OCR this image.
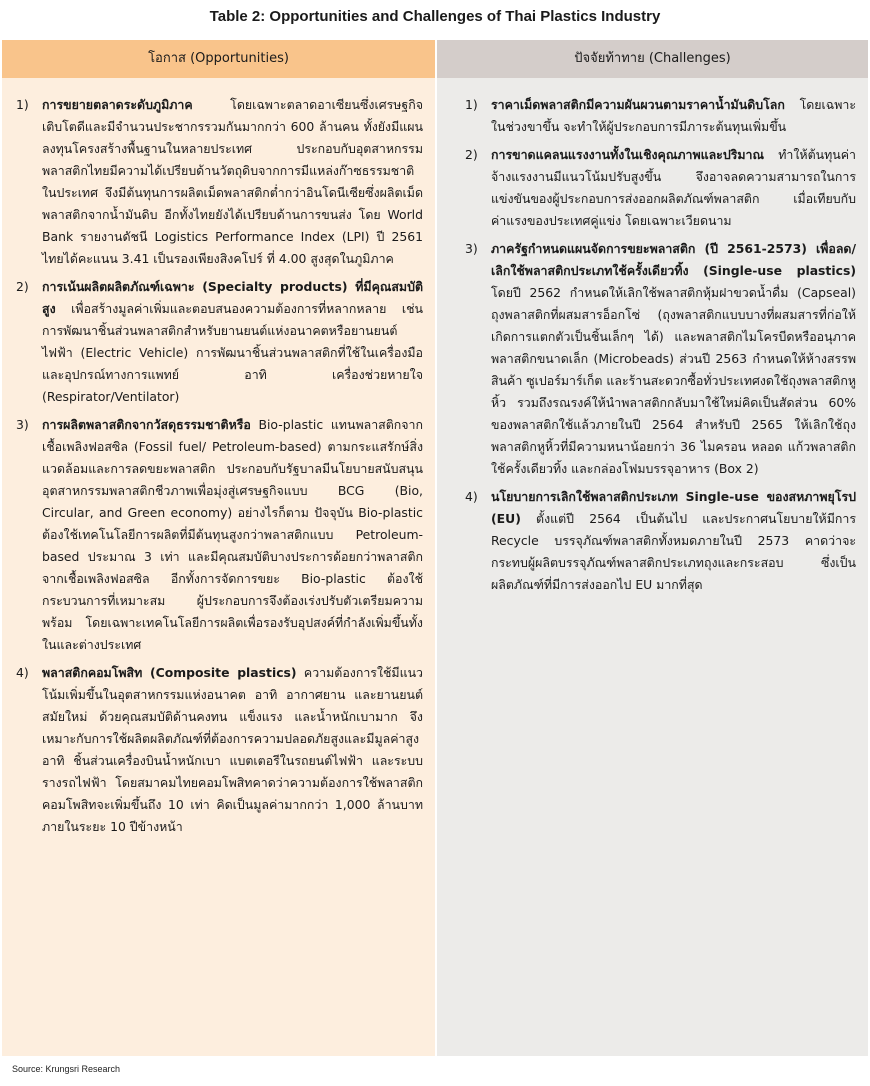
Table 2: Opportunities and Challenges of Thai Plastics Industry
โอกาส (Opportunities)
1) การขยายตลาดระดับภูมิภาค โดยเฉพาะตลาดอาเซียนซึ่งเศรษฐกิจเติบโตดีและมีจำนวนประชากรรวมกันมากกว่า 600 ล้านคน ทั้งยังมีแผนลงทุนโครงสร้างพื้นฐานในหลายประเทศ ประกอบกับอุตสาหกรรมพลาสติกไทยมีความได้เปรียบด้านวัตถุดิบจากการมีแหล่งก๊าซธรรมชาติในประเทศ จึงมีต้นทุนการผลิตเม็ดพลาสติกต่ำกว่าอินโดนีเซียซึ่งผลิตเม็ดพลาสติกจากน้ำมันดิบ อีกทั้งไทยยังได้เปรียบด้านการขนส่ง โดย World Bank รายงานดัชนี Logistics Performance Index (LPI) ปี 2561 ไทยได้คะแนน 3.41 เป็นรองเพียงสิงคโปร์ ที่ 4.00 สูงสุดในภูมิภาค
2) การเน้นผลิตผลิตภัณฑ์เฉพาะ (Specialty products) ที่มีคุณสมบัติสูง เพื่อสร้างมูลค่าเพิ่มและตอบสนองความต้องการที่หลากหลาย เช่น การพัฒนาชิ้นส่วนพลาสติกสำหรับยานยนต์แห่งอนาคตหรือยานยนต์ไฟฟ้า (Electric Vehicle) การพัฒนาชิ้นส่วนพลาสติกที่ใช้ในเครื่องมือและอุปกรณ์ทางการแพทย์ อาทิ เครื่องช่วยหายใจ (Respirator/Ventilator)
3) การผลิตพลาสติกจากวัสดุธรรมชาติหรือ Bio-plastic แทนพลาสติกจากเชื้อเพลิงฟอสซิล (Fossil fuel/ Petroleum-based) ตามกระแสรักษ์สิ่งแวดล้อมและการลดขยะพลาสติก ประกอบกับรัฐบาลมีนโยบายสนับสนุนอุตสาหกรรมพลาสติกชีวภาพเพื่อมุ่งสู่เศรษฐกิจแบบ BCG (Bio, Circular, and Green economy) อย่างไรก็ตาม ปัจจุบัน Bio-plastic ต้องใช้เทคโนโลยีการผลิตที่มีต้นทุนสูงกว่าพลาสติกแบบ Petroleum-based ประมาณ 3 เท่า และมีคุณสมบัติบางประการด้อยกว่าพลาสติกจากเชื้อเพลิงฟอสซิล อีกทั้งการจัดการขยะ Bio-plastic ต้องใช้กระบวนการที่เหมาะสม ผู้ประกอบการจึงต้องเร่งปรับตัวเตรียมความพร้อม โดยเฉพาะเทคโนโลยีการผลิตเพื่อรองรับอุปสงค์ที่กำลังเพิ่มขึ้นทั้งในและต่างประเทศ
4) พลาสติกคอมโพสิท (Composite plastics) ความต้องการใช้มีแนวโน้มเพิ่มขึ้นในอุตสาหกรรมแห่งอนาคต อาทิ อากาศยาน และยานยนต์สมัยใหม่ ด้วยคุณสมบัติด้านคงทน แข็งแรง และน้ำหนักเบามาก จึงเหมาะกับการใช้ผลิตผลิตภัณฑ์ที่ต้องการความปลอดภัยสูงและมีมูลค่าสูง อาทิ ชิ้นส่วนเครื่องบินน้ำหนักเบา แบตเตอรีในรถยนต์ไฟฟ้า และระบบรางรถไฟฟ้า โดยสมาคมไทยคอมโพสิทคาดว่าความต้องการใช้พลาสติกคอมโพสิทจะเพิ่มขึ้นถึง 10 เท่า คิดเป็นมูลค่ามากกว่า 1,000 ล้านบาทภายในระยะ 10 ปีข้างหน้า
ปัจจัยท้าทาย (Challenges)
1) ราคาเม็ดพลาสติกมีความผันผวนตามราคาน้ำมันดิบโลก โดยเฉพาะในช่วงขาขึ้น จะทำให้ผู้ประกอบการมีภาระต้นทุนเพิ่มขึ้น
2) การขาดแคลนแรงงานทั้งในเชิงคุณภาพและปริมาณ ทำให้ต้นทุนค่าจ้างแรงงานมีแนวโน้มปรับสูงขึ้น จึงอาจลดความสามารถในการแข่งขันของผู้ประกอบการส่งออกผลิตภัณฑ์พลาสติก เมื่อเทียบกับค่าแรงของประเทศคู่แข่ง โดยเฉพาะเวียดนาม
3) ภาครัฐกำหนดแผนจัดการขยะพลาสติก (ปี 2561-2573) เพื่อลด/เลิกใช้พลาสติกประเภทใช้ครั้งเดียวทิ้ง (Single-use plastics) โดยปี 2562 กำหนดให้เลิกใช้พลาสติกหุ้มฝาขวดน้ำดื่ม (Capseal) ถุงพลาสติกที่ผสมสารอ็อกโซ่ (ถุงพลาสติกแบบบางที่ผสมสารที่ก่อให้เกิดการแตกตัวเป็นชิ้นเล็กๆ ได้) และพลาสติกไมโครบีดหรืออนุภาคพลาสติกขนาดเล็ก (Microbeads) ส่วนปี 2563 กำหนดให้ห้างสรรพสินค้า ซูเปอร์มาร์เก็ต และร้านสะดวกซื้อทั่วประเทศงดใช้ถุงพลาสติกหูหิ้ว รวมถึงรณรงค์ให้นำพลาสติกกลับมาใช้ใหม่คิดเป็นสัดส่วน 60% ของพลาสติกใช้แล้วภายในปี 2564 สำหรับปี 2565 ให้เลิกใช้ถุงพลาสติกหูหิ้วที่มีความหนาน้อยกว่า 36 ไมครอน หลอด แก้วพลาสติกใช้ครั้งเดียวทิ้ง และกล่องโฟมบรรจุอาหาร (Box 2)
4) นโยบายการเลิกใช้พลาสติกประเภท Single-use ของสหภาพยุโรป (EU) ตั้งแต่ปี 2564 เป็นต้นไป และประกาศนโยบายให้มีการ Recycle บรรจุภัณฑ์พลาสติกทั้งหมดภายในปี 2573 คาดว่าจะกระทบผู้ผลิตบรรจุภัณฑ์พลาสติกประเภทถุงและกระสอบ ซึ่งเป็นผลิตภัณฑ์ที่มีการส่งออกไป EU มากที่สุด
Source: Krungsri Research
